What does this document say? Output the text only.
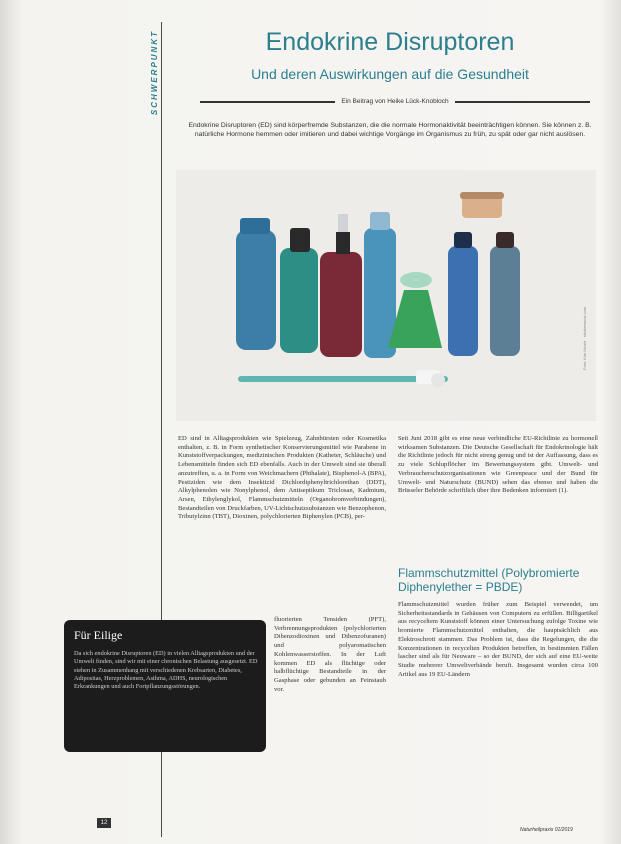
SCHWERPUNKT	Endokrine Disruptoren
Und deren Auswirkungen auf die Gesundheit
Ein Beitrag von Heike Lück-Knobloch
Endokrine Disruptoren (ED) sind körperfremde Substanzen, die die normale Hormonaktivität beeinträchtigen können. Sie können z. B. natürliche Hormone hemmen oder imitieren und dabei wichtige Vorgänge im Organismus zu früh, zu spät oder gar nicht auslösen.
Foto: Kim Nicole · shutterstock.com

ED sind in Alltagsprodukten wie Spielzeug, Zahnbürsten oder Kosmetika enthalten, z. B. in Form synthetischer Konservierungsmittel wie Parabene in Kunststoffverpackungen, medizinischen Produkten (Katheter, Schläuche) und Lebensmitteln finden sich ED ebenfalls. Auch in der Umwelt sind sie überall anzutreffen, u. a. in Form von Weichmachern (Phthalate), Bisphenol-A (BPA), Pestiziden wie dem Insektizid Dichlordiphenyltrichlorethan (DDT), Alkylphenolen wie Nonylphenol, dem Antiseptikum Triclosan, Kadmium, Arsen, Ethylenglykol, Flammschutzmitteln (Organobromverbindungen), Bestandteilen von Druckfarben, UV-Lichtschutzsubstanzen wie Benzophenon, Tributylzinn (TBT), Dioxinen, polychlorierten Biphenylen (PCB), per-

fluorierten Tensiden (PFT), Verbrennungsprodukten (polychlorierten Dibenzodioxinen und Dibenzofuranen) und polyaromatischen Kohlenwasserstoffen. In der Luft kommen ED als flüchtige oder halbflüchtige Bestandteile in der Gasphase oder gebunden an Feinstaub vor.

Seit Juni 2018 gibt es eine neue verbindliche EU-Richtlinie zu hormonell wirksamen Substanzen. Die Deutsche Gesellschaft für Endokrinologie hält die Richtlinie jedoch für nicht streng genug und ist der Auffassung, dass es zu viele Schlupflöcher im Bewertungssystem gibt. Umwelt- und Verbraucherschutzorganisationen wie Greenpeace und der Bund für Umwelt- und Naturschutz (BUND) sehen das ebenso und haben die Brüsseler Behörde schriftlich über ihre Bedenken informiert (1).

Flammschutzmittel (Polybromierte Diphenylether = PBDE)

Flammschutzmittel wurden früher zum Beispiel verwendet, um Sicherheitsstandards in Gehäusen von Computern zu erfüllen. Billigartikel aus recyceltem Kunststoff können einer Untersuchung zufolge Toxine wie bromierte Flammschutzmittel enthalten, die hauptsächlich aus Elektroschrott stammen. Das Problem ist, dass die Regelungen, die die Konzentrationen in recycelten Produkten betreffen, in bestimmten Fällen lascher sind als für Neuware – so der BUND, der sich auf eine EU-weite Studie mehrerer Umweltverbände beruft. Insgesamt wurden circa 100 Artikel aus 19 EU-Ländern

Für Eilige
Da sich endokrine Disruptoren (ED) in vielen Alltagsprodukten und der Umwelt finden, sind wir mit einer chronischen Belastung ausgesetzt. ED stehen in Zusammenhang mit verschiedenen Krebsarten, Diabetes, Adipositas, Herzproblemen, Asthma, ADHS, neurologischen Erkrankungen und auch Fortpflanzungsstörungen.
12
Naturheilpraxis 01/2019
